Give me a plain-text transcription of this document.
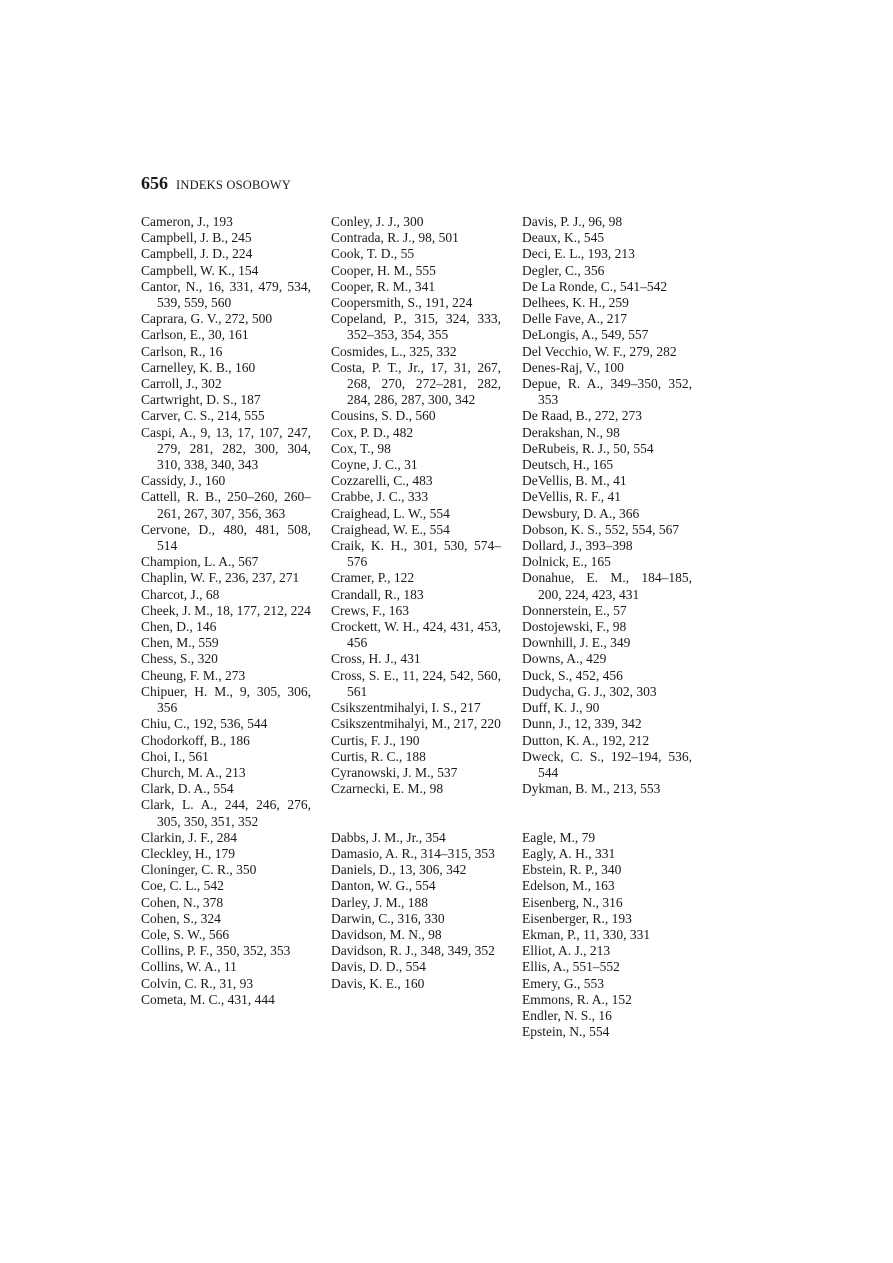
656 INDEKS OSOBOWY

Cameron, J., 193

Campbell, J. B., 245

Campbell, J. D., 224

Campbell, W. K., 154

Cantor, N., 16, 331, 479, 534, 539, 559, 560

Caprara, G. V., 272, 500

Carlson, E., 30, 161

Carlson, R., 16

Carnelley, K. B., 160

Carroll, J., 302

Cartwright, D. S., 187

Carver, C. S., 214, 555

Caspi, A., 9, 13, 17, 107, 247, 279, 281, 282, 300, 304, 310, 338, 340, 343

Cassidy, J., 160

Cattell, R. B., 250–260, 260–261, 267, 307, 356, 363

Cervone, D., 480, 481, 508, 514

Champion, L. A., 567

Chaplin, W. F., 236, 237, 271

Charcot, J., 68

Cheek, J. M., 18, 177, 212, 224

Chen, D., 146

Chen, M., 559

Chess, S., 320

Cheung, F. M., 273

Chipuer, H. M., 9, 305, 306, 356

Chiu, C., 192, 536, 544

Chodorkoff, B., 186

Choi, I., 561

Church, M. A., 213

Clark, D. A., 554

Clark, L. A., 244, 246, 276, 305, 350, 351, 352

Clarkin, J. F., 284

Cleckley, H., 179

Cloninger, C. R., 350

Coe, C. L., 542

Cohen, N., 378

Cohen, S., 324

Cole, S. W., 566

Collins, P. F., 350, 352, 353

Collins, W. A., 11

Colvin, C. R., 31, 93

Cometa, M. C., 431, 444

Conley, J. J., 300

Contrada, R. J., 98, 501

Cook, T. D., 55

Cooper, H. M., 555

Cooper, R. M., 341

Coopersmith, S., 191, 224

Copeland, P., 315, 324, 333, 352–353, 354, 355

Cosmides, L., 325, 332

Costa, P. T., Jr., 17, 31, 267, 268, 270, 272–281, 282, 284, 286, 287, 300, 342

Cousins, S. D., 560

Cox, P. D., 482

Cox, T., 98

Coyne, J. C., 31

Cozzarelli, C., 483

Crabbe, J. C., 333

Craighead, L. W., 554

Craighead, W. E., 554

Craik, K. H., 301, 530, 574–576

Cramer, P., 122

Crandall, R., 183

Crews, F., 163

Crockett, W. H., 424, 431, 453, 456

Cross, H. J., 431

Cross, S. E., 11, 224, 542, 560, 561

Csikszentmihalyi, I. S., 217

Csikszentmihalyi, M., 217, 220

Curtis, F. J., 190

Curtis, R. C., 188

Cyranowski, J. M., 537

Czarnecki, E. M., 98

Dabbs, J. M., Jr., 354

Damasio, A. R., 314–315, 353

Daniels, D., 13, 306, 342

Danton, W. G., 554

Darley, J. M., 188

Darwin, C., 316, 330

Davidson, M. N., 98

Davidson, R. J., 348, 349, 352

Davis, D. D., 554

Davis, K. E., 160

Davis, P. J., 96, 98

Deaux, K., 545

Deci, E. L., 193, 213

Degler, C., 356

De La Ronde, C., 541–542

Delhees, K. H., 259

Delle Fave, A., 217

DeLongis, A., 549, 557

Del Vecchio, W. F., 279, 282

Denes-Raj, V., 100

Depue, R. A., 349–350, 352, 353

De Raad, B., 272, 273

Derakshan, N., 98

DeRubeis, R. J., 50, 554

Deutsch, H., 165

DeVellis, B. M., 41

DeVellis, R. F., 41

Dewsbury, D. A., 366

Dobson, K. S., 552, 554, 567

Dollard, J., 393–398

Dolnick, E., 165

Donahue, E. M., 184–185, 200, 224, 423, 431

Donnerstein, E., 57

Dostojewski, F., 98

Downhill, J. E., 349

Downs, A., 429

Duck, S., 452, 456

Dudycha, G. J., 302, 303

Duff, K. J., 90

Dunn, J., 12, 339, 342

Dutton, K. A., 192, 212

Dweck, C. S., 192–194, 536, 544

Dykman, B. M., 213, 553

Eagle, M., 79

Eagly, A. H., 331

Ebstein, R. P., 340

Edelson, M., 163

Eisenberg, N., 316

Eisenberger, R., 193

Ekman, P., 11, 330, 331

Elliot, A. J., 213

Ellis, A., 551–552

Emery, G., 553

Emmons, R. A., 152

Endler, N. S., 16

Epstein, N., 554
